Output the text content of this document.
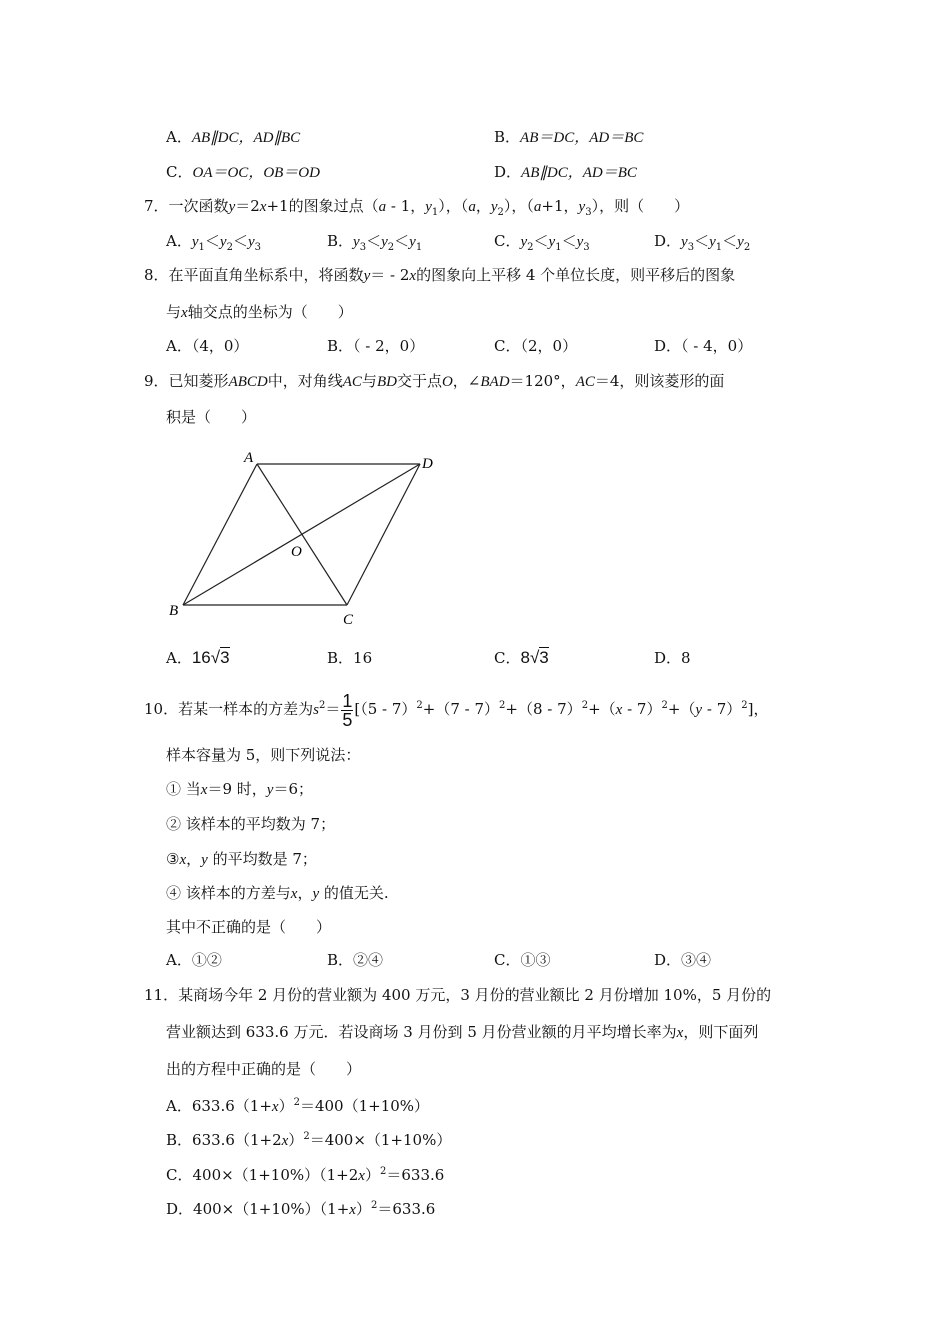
A．AB∥DC，AD∥BC	B．AB＝DC，AD＝BC
C．OA＝OC，OB＝OD	D．AB∥DC，AD＝BC
7．一次函数y＝2x+1的图象过点（a - 1，$y_1$），（a，$y_2$），（a+1，$y_3$），则（　　）
A．$y_1<y_2<y_3$	B．$y_3<y_2<y_1$	C．$y_2<y_1<y_3$	D．$y_3<y_1<y_2$
8．在平面直角坐标系中，将函数y＝ - 2x的图象向上平移 4 个单位长度，则平移后的图象
与x轴交点的坐标为（　　）
A．（4，0）	B．（ - 2，0）	C．（2，0）	D．（ - 4，0）
9．已知菱形ABCD中，对角线AC与BD交于点O，∠BAD＝120°，AC＝4，则该菱形的面
积是（　　）
A	D
O
B
C
A．16√3	B．16	C．8√3	D．8
10．若某一样本的方差为$s^2= \frac{1}{5} [(5 - 7)^2+(7 - 7)^2+(8 - 7)^2+(x - 7)^2+(y - 7)^2]$，
样本容量为 5，则下列说法：
① 当x＝9 时，y＝6；
② 该样本的平均数为 7；
③x，y 的平均数是 7；
④ 该样本的方差与x，y 的值无关.
其中不正确的是（　　）
A．①②	B．②④	C．①③	D．③④
11．某商场今年 2 月份的营业额为 400 万元，3 月份的营业额比 2 月份增加 10%，5 月份的
营业额达到 633.6 万元．若设商场 3 月份到 5 月份营业额的月平均增长率为x，则下面列
出的方程中正确的是（　　）
A．$633.6(1+x)^2=400(1+10\%)$
B．$633.6(1+2x)^2=400\times(1+10\%)$
C．$400\times(1+10\%)(1+2x)^2=633.6$
D．$400\times(1+10\%)(1+x)^2=633.6$
